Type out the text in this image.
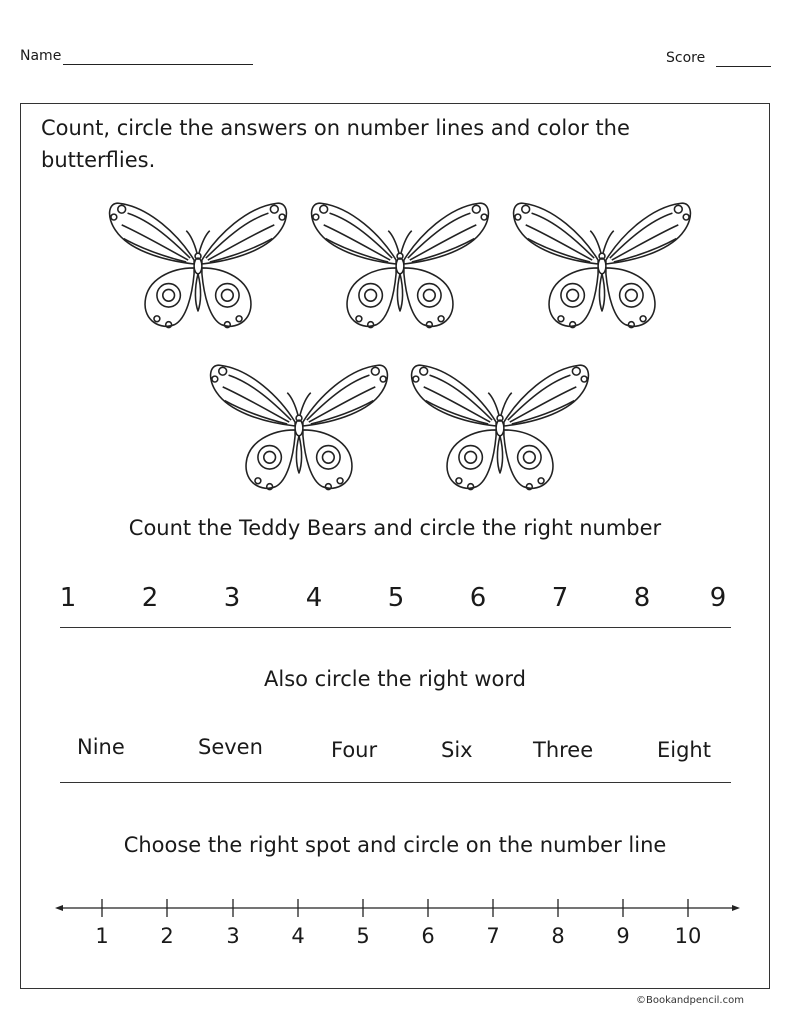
Name	Score
Count, circle the answers on number lines and color the butterflies.
Count the Teddy Bears and circle the right number
1	2	3	4	5	6	7	8	9
Also circle the right word
Nine	Seven	Four	Six	Three	Eight
Choose the right spot and circle on the number line
1	2	3	4	5	6	7	8	9	10
©Bookandpencil.com
